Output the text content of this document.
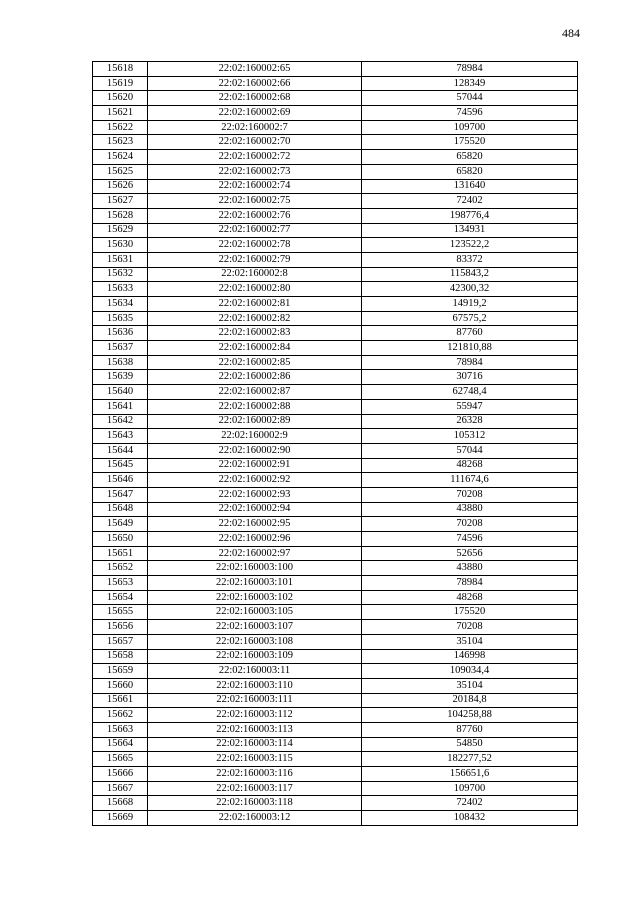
484
15618	22:02:160002:65	78984
15619	22:02:160002:66	128349
15620	22:02:160002:68	57044
15621	22:02:160002:69	74596
15622	22:02:160002:7	109700
15623	22:02:160002:70	175520
15624	22:02:160002:72	65820
15625	22:02:160002:73	65820
15626	22:02:160002:74	131640
15627	22:02:160002:75	72402
15628	22:02:160002:76	198776,4
15629	22:02:160002:77	134931
15630	22:02:160002:78	123522,2
15631	22:02:160002:79	83372
15632	22:02:160002:8	115843,2
15633	22:02:160002:80	42300,32
15634	22:02:160002:81	14919,2
15635	22:02:160002:82	67575,2
15636	22:02:160002:83	87760
15637	22:02:160002:84	121810,88
15638	22:02:160002:85	78984
15639	22:02:160002:86	30716
15640	22:02:160002:87	62748,4
15641	22:02:160002:88	55947
15642	22:02:160002:89	26328
15643	22:02:160002:9	105312
15644	22:02:160002:90	57044
15645	22:02:160002:91	48268
15646	22:02:160002:92	111674,6
15647	22:02:160002:93	70208
15648	22:02:160002:94	43880
15649	22:02:160002:95	70208
15650	22:02:160002:96	74596
15651	22:02:160002:97	52656
15652	22:02:160003:100	43880
15653	22:02:160003:101	78984
15654	22:02:160003:102	48268
15655	22:02:160003:105	175520
15656	22:02:160003:107	70208
15657	22:02:160003:108	35104
15658	22:02:160003:109	146998
15659	22:02:160003:11	109034,4
15660	22:02:160003:110	35104
15661	22:02:160003:111	20184,8
15662	22:02:160003:112	104258,88
15663	22:02:160003:113	87760
15664	22:02:160003:114	54850
15665	22:02:160003:115	182277,52
15666	22:02:160003:116	156651,6
15667	22:02:160003:117	109700
15668	22:02:160003:118	72402
15669	22:02:160003:12	108432
